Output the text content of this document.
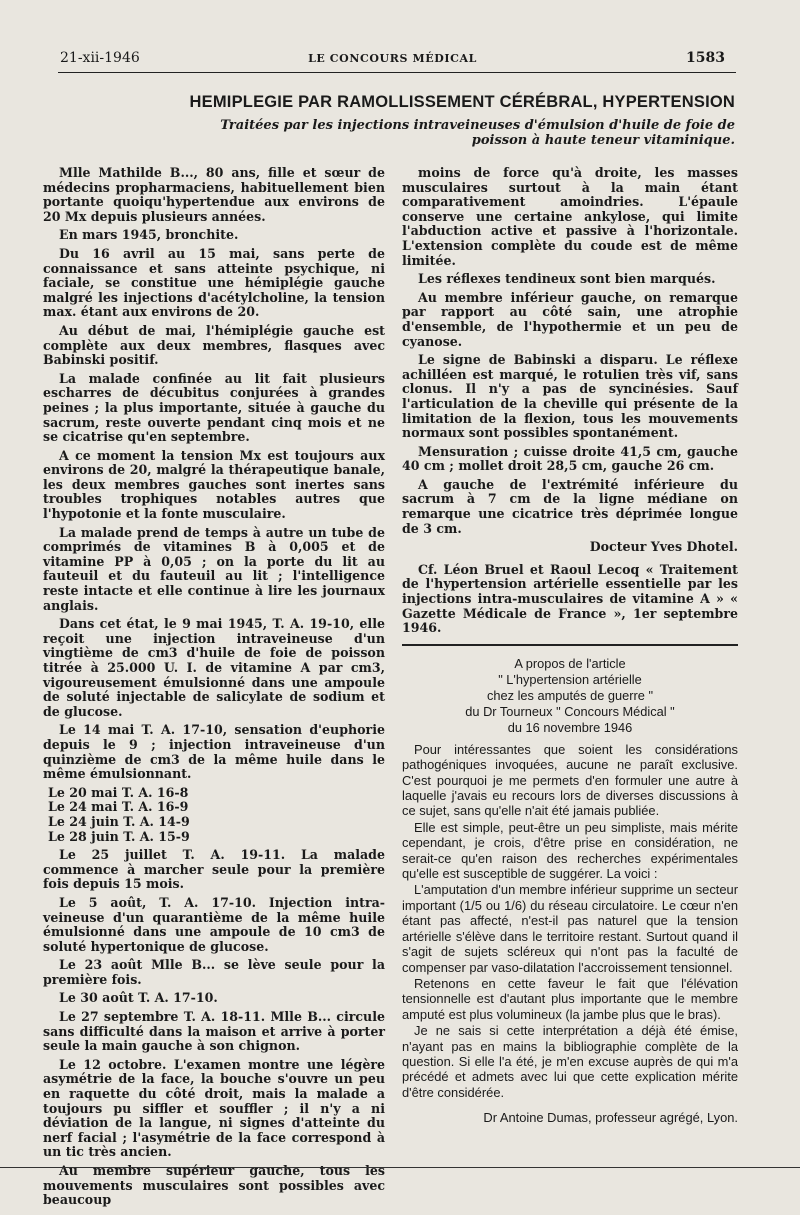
21-xii-1946	LE CONCOURS MÉDICAL	1583
HEMIPLEGIE PAR RAMOLLISSEMENT CÉRÉBRAL, HYPERTENSION
Traitées par les injections intraveineuses d'émulsion d'huile de foie de poisson à haute teneur vitaminique.

Mlle Mathilde B..., 80 ans, fille et sœur de médecins propharmaciens, habituellement bien portante quoiqu'hypertendue aux environs de 20 Mx depuis plusieurs années.

En mars 1945, bronchite.

Du 16 avril au 15 mai, sans perte de connaissance et sans atteinte psychique, ni faciale, se constitue une hémiplégie gauche malgré les injections d'acétylcholine, la tension max. étant aux environs de 20.

Au début de mai, l'hémiplégie gauche est complète aux deux membres, flasques avec Babinski positif.

La malade confinée au lit fait plusieurs escharres de décubitus conjurées à grandes peines ; la plus importante, située à gauche du sacrum, reste ouverte pendant cinq mois et ne se cicatrise qu'en septembre.

A ce moment la tension Mx est toujours aux environs de 20, malgré la thérapeutique banale, les deux membres gauches sont inertes sans troubles trophiques notables autres que l'hypotonie et la fonte musculaire.

La malade prend de temps à autre un tube de comprimés de vitamines B à 0,005 et de vitamine PP à 0,05 ; on la porte du lit au fauteuil et du fauteuil au lit ; l'intelligence reste intacte et elle continue à lire les journaux anglais.

Dans cet état, le 9 mai 1945, T. A. 19-10, elle reçoit une injection intraveineuse d'un vingtième de cm3 d'huile de foie de poisson titrée à 25.000 U. I. de vitamine A par cm3, vigoureusement émulsionné dans une ampoule de soluté injectable de salicylate de sodium et de glucose.

Le 14 mai T. A. 17-10, sensation d'euphorie depuis le 9 ; injection intraveineuse d'un quinzième de cm3 de la même huile dans le même émulsionnant.

Le 20 mai T. A. 16-8

Le 24 mai T. A. 16-9

Le 24 juin T. A. 14-9

Le 28 juin T. A. 15-9

Le 25 juillet T. A. 19-11. La malade commence à marcher seule pour la première fois depuis 15 mois.

Le 5 août, T. A. 17-10. Injection intra-veineuse d'un quarantième de la même huile émulsionné dans une ampoule de 10 cm3 de soluté hypertonique de glucose.

Le 23 août Mlle B... se lève seule pour la première fois.

Le 30 août T. A. 17-10.

Le 27 septembre T. A. 18-11. Mlle B... circule sans difficulté dans la maison et arrive à porter seule la main gauche à son chignon.

Le 12 octobre. L'examen montre une légère asymétrie de la face, la bouche s'ouvre un peu en raquette du côté droit, mais la malade a toujours pu siffler et souffler ; il n'y a ni déviation de la langue, ni signes d'atteinte du nerf facial ; l'asymétrie de la face correspond à un tic très ancien.

Au membre supérieur gauche, tous les mouvements musculaires sont possibles avec beaucoup

moins de force qu'à droite, les masses musculaires surtout à la main étant comparativement amoindries. L'épaule conserve une certaine ankylose, qui limite l'abduction active et passive à l'horizontale. L'extension complète du coude est de même limitée.

Les réflexes tendineux sont bien marqués.

Au membre inférieur gauche, on remarque par rapport au côté sain, une atrophie d'ensemble, de l'hypothermie et un peu de cyanose.

Le signe de Babinski a disparu. Le réflexe achilléen est marqué, le rotulien très vif, sans clonus. Il n'y a pas de syncinésies. Sauf l'articulation de la cheville qui présente de la limitation de la flexion, tous les mouvements normaux sont possibles spontanément.

Mensuration ; cuisse droite 41,5 cm, gauche 40 cm ; mollet droit 28,5 cm, gauche 26 cm.

A gauche de l'extrémité inférieure du sacrum à 7 cm de la ligne médiane on remarque une cicatrice très déprimée longue de 3 cm.

Docteur Yves Dhotel.

Cf. Léon Bruel et Raoul Lecoq « Traitement de l'hypertension artérielle essentielle par les injections intra-musculaires de vitamine A » « Gazette Médicale de France », 1er septembre 1946.

A propos de l'article
" L'hypertension artérielle
chez les amputés de guerre "
du Dr Tourneux " Concours Médical "
du 16 novembre 1946

Pour intéressantes que soient les considérations pathogéniques invoquées, aucune ne paraît exclusive. C'est pourquoi je me permets d'en formuler une autre à laquelle j'avais eu recours lors de diverses discussions à ce sujet, sans qu'elle n'ait été jamais publiée.

Elle est simple, peut-être un peu simpliste, mais mérite cependant, je crois, d'être prise en considération, ne serait-ce qu'en raison des recherches expérimentales qu'elle est susceptible de suggérer. La voici :

L'amputation d'un membre inférieur supprime un secteur important (1/5 ou 1/6) du réseau circulatoire. Le cœur n'en étant pas affecté, n'est-il pas naturel que la tension artérielle s'élève dans le territoire restant. Surtout quand il s'agit de sujets scléreux qui n'ont pas la faculté de compenser par vaso-dilatation l'accroissement tensionnel.

Retenons en cette faveur le fait que l'élévation tensionnelle est d'autant plus importante que le membre amputé est plus volumineux (la jambe plus que le bras).

Je ne sais si cette interprétation a déjà été émise, n'ayant pas en mains la bibliographie complète de la question. Si elle l'a été, je m'en excuse auprès de qui m'a précédé et admets avec lui que cette explication mérite d'être considérée.

Dr Antoine Dumas, professeur agrégé, Lyon.
